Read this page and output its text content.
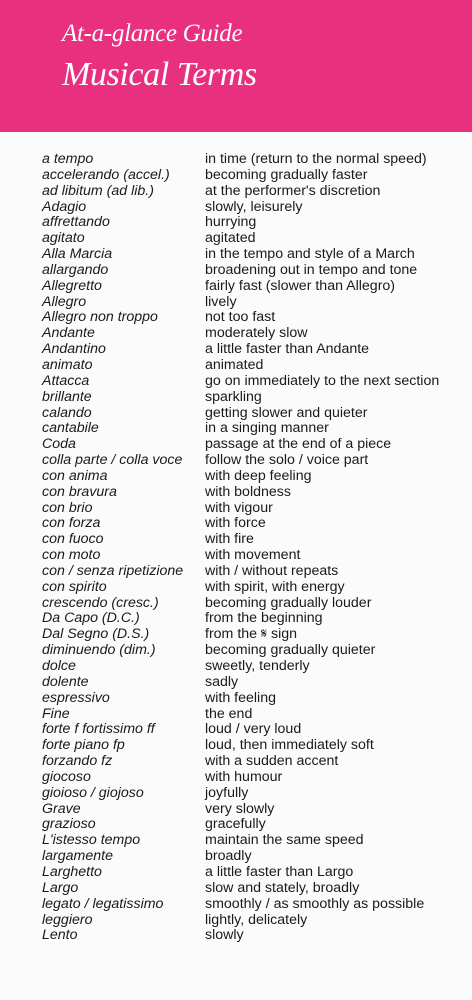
At-a-glance Guide
Musical Terms
a tempo	in time (return to the normal speed)
accelerando (accel.)	becoming gradually faster
ad libitum (ad lib.)	at the performer's discretion
Adagio	slowly, leisurely
affrettando	hurrying
agitato	agitated
Alla Marcia	in the tempo and style of a March
allargando	broadening out in tempo and tone
Allegretto	fairly fast (slower than Allegro)
Allegro	lively
Allegro non troppo	not too fast
Andante	moderately slow
Andantino	a little faster than Andante
animato	animated
Attacca	go on immediately to the next section
brillante	sparkling
calando	getting slower and quieter
cantabile	in a singing manner
Coda	passage at the end of a piece
colla parte / colla voce	follow the solo / voice part
con anima	with deep feeling
con bravura	with boldness
con brio	with vigour
con forza	with force
con fuoco	with fire
con moto	with movement
con / senza ripetizione	with / without repeats
con spirito	with spirit, with energy
crescendo (cresc.)	becoming gradually louder
Da Capo (D.C.)	from the beginning
Dal Segno (D.S.)	from the 𝄋 sign
diminuendo (dim.)	becoming gradually quieter
dolce	sweetly, tenderly
dolente	sadly
espressivo	with feeling
Fine	the end
forte f fortissimo ff	loud / very loud
forte piano fp	loud, then immediately soft
forzando fz	with a sudden accent
giocoso	with humour
gioioso / giojoso	joyfully
Grave	very slowly
grazioso	gracefully
L'istesso tempo	maintain the same speed
largamente	broadly
Larghetto	a little faster than Largo
Largo	slow and stately, broadly
legato / legatissimo	smoothly / as smoothly as possible
leggiero	lightly, delicately
Lento	slowly
